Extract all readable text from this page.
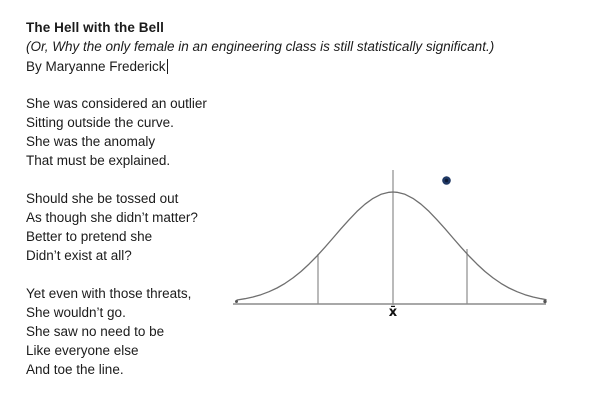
The Hell with the Bell
(Or, Why the only female in an engineering class is still statistically significant.)
By Maryanne Frederick
She was considered an outlier
Sitting outside the curve.
She was the anomaly
That must be explained.
Should she be tossed out
As though she didn’t matter?
Better to pretend she
Didn’t exist at all?
Yet even with those threats,
She wouldn’t go.
She saw no need to be
Like everyone else
And toe the line.
x̄
